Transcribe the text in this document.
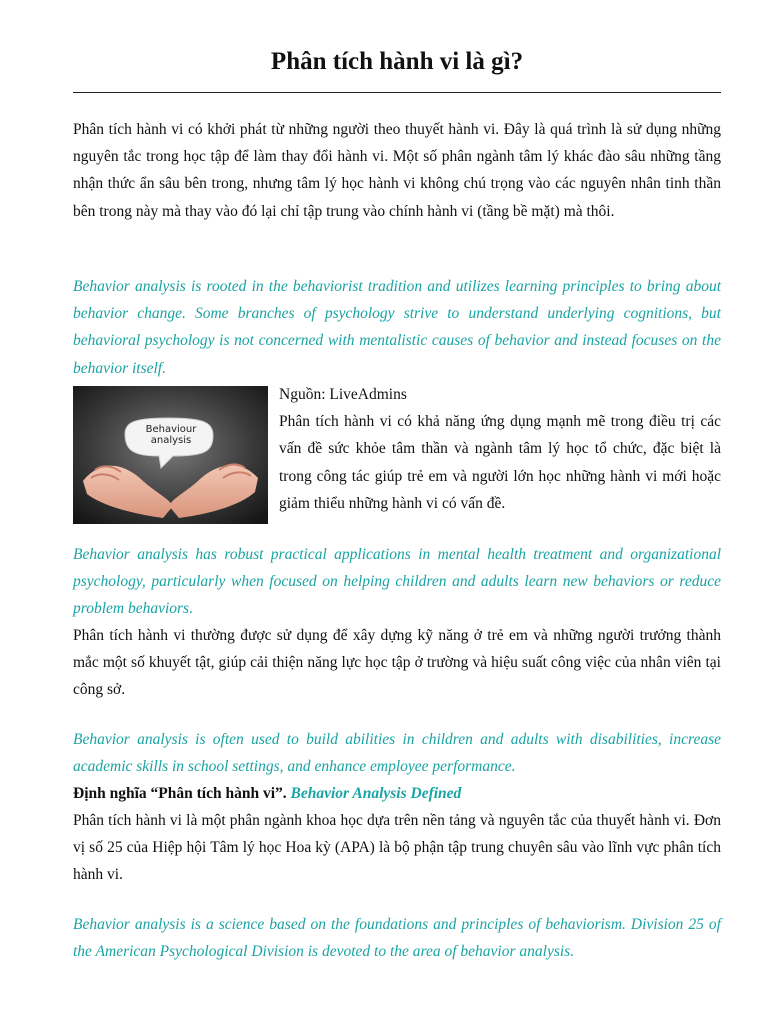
Phân tích hành vi là gì?

Phân tích hành vi có khởi phát từ những người theo thuyết hành vi. Đây là quá trình là sử dụng những nguyên tắc trong học tập để làm thay đổi hành vi. Một số phân ngành tâm lý khác đào sâu những tầng nhận thức ẩn sâu bên trong, nhưng tâm lý học hành vi không chú trọng vào các nguyên nhân tinh thần bên trong này mà thay vào đó lại chỉ tập trung vào chính hành vi (tầng bề mặt) mà thôi.

Behavior analysis is rooted in the behaviorist tradition and utilizes learning principles to bring about behavior change. Some branches of psychology strive to understand underlying cognitions, but behavioral psychology is not concerned with mentalistic causes of behavior and instead focuses on the behavior itself.

Behaviour analysis

Nguồn: LiveAdmins

Phân tích hành vi có khả năng ứng dụng mạnh mẽ trong điều trị các vấn đề sức khỏe tâm thần và ngành tâm lý học tổ chức, đặc biệt là trong công tác giúp trẻ em và người lớn học những hành vi mới hoặc giảm thiểu những hành vi có vấn đề.

Behavior analysis has robust practical applications in mental health treatment and organizational psychology, particularly when focused on helping children and adults learn new behaviors or reduce problem behaviors.

Phân tích hành vi thường được sử dụng để xây dựng kỹ năng ở trẻ em và những người trưởng thành mắc một số khuyết tật, giúp cải thiện năng lực học tập ở trường và hiệu suất công việc của nhân viên tại công sở.

Behavior analysis is often used to build abilities in children and adults with disabilities, increase academic skills in school settings, and enhance employee performance.

Định nghĩa “Phân tích hành vi”. Behavior Analysis Defined

Phân tích hành vi là một phân ngành khoa học dựa trên nền tảng và nguyên tắc của thuyết hành vi. Đơn vị số 25 của Hiệp hội Tâm lý học Hoa kỳ (APA) là bộ phận tập trung chuyên sâu vào lĩnh vực phân tích hành vi.

Behavior analysis is a science based on the foundations and principles of behaviorism. Division 25 of the American Psychological Division is devoted to the area of behavior analysis.
